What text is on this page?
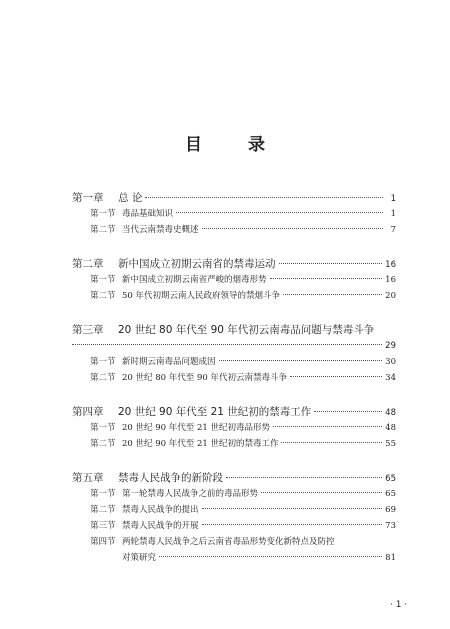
目 录
第一章	总 论	1
第一节 毒品基础知识	1
第二节 当代云南禁毒史概述	7
第二章	新中国成立初期云南省的禁毒运动	16
第一节 新中国成立初期云南省严峻的烟毒形势	16
第二节 50 年代初期云南人民政府领导的禁烟斗争	20
第三章	20 世纪 80 年代至 90 年代初云南毒品问题与禁毒斗争
29
第一节 新时期云南毒品问题成因	30
第二节 20 世纪 80 年代至 90 年代初云南禁毒斗争	34
第四章	20 世纪 90 年代至 21 世纪初的禁毒工作	48
第一节 20 世纪 90 年代至 21 世纪初毒品形势	48
第二节 20 世纪 90 年代至 21 世纪初的禁毒工作	55
第五章	禁毒人民战争的新阶段	65
第一节 第一轮禁毒人民战争之前的毒品形势	65
第二节 禁毒人民战争的提出	69
第三节 禁毒人民战争的开展	73
第四节 两轮禁毒人民战争之后云南省毒品形势变化新特点及防控
对策研究	81
· 1 ·
